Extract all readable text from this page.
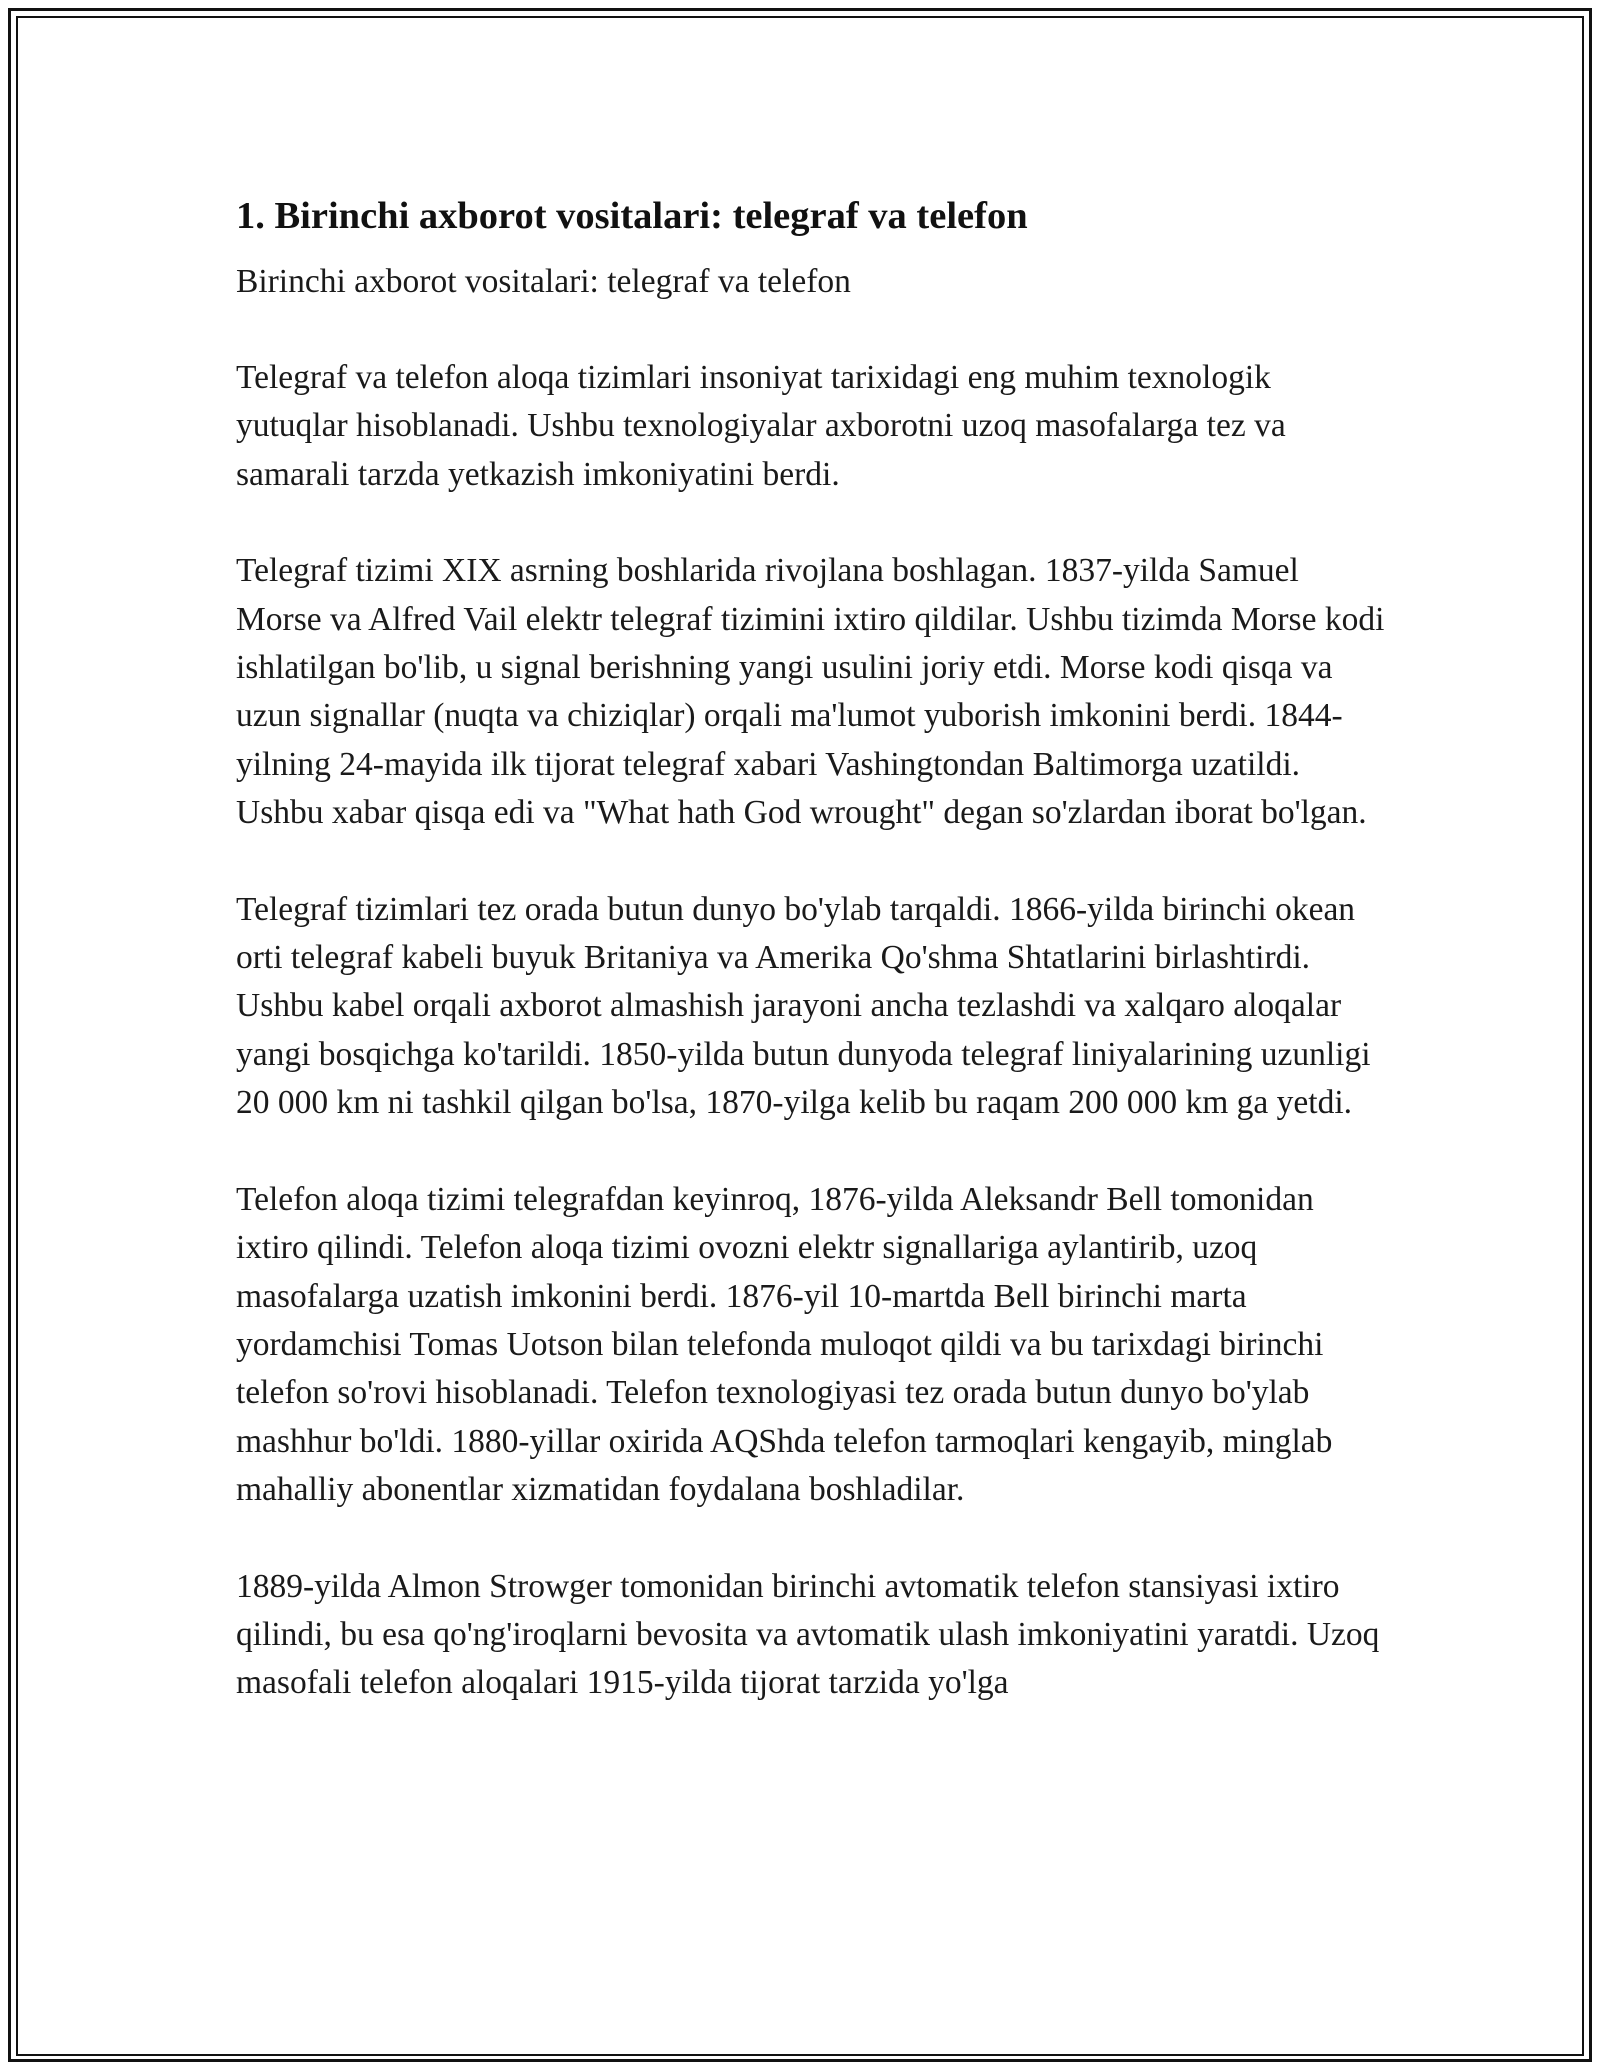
1. Birinchi axborot vositalari: telegraf va telefon

Birinchi axborot vositalari: telegraf va telefon

Telegraf va telefon aloqa tizimlari insoniyat tarixidagi eng muhim texnologik yutuqlar hisoblanadi. Ushbu texnologiyalar axborotni uzoq masofalarga tez va samarali tarzda yetkazish imkoniyatini berdi.

Telegraf tizimi XIX asrning boshlarida rivojlana boshlagan. 1837-yilda Samuel Morse va Alfred Vail elektr telegraf tizimini ixtiro qildilar. Ushbu tizimda Morse kodi ishlatilgan bo'lib, u signal berishning yangi usulini joriy etdi. Morse kodi qisqa va uzun signallar (nuqta va chiziqlar) orqali ma'lumot yuborish imkonini berdi. 1844-yilning 24-mayida ilk tijorat telegraf xabari Vashingtondan Baltimorga uzatildi. Ushbu xabar qisqa edi va "What hath God wrought" degan so'zlardan iborat bo'lgan.

Telegraf tizimlari tez orada butun dunyo bo'ylab tarqaldi. 1866-yilda birinchi okean orti telegraf kabeli buyuk Britaniya va Amerika Qo'shma Shtatlarini birlashtirdi. Ushbu kabel orqali axborot almashish jarayoni ancha tezlashdi va xalqaro aloqalar yangi bosqichga ko'tarildi. 1850-yilda butun dunyoda telegraf liniyalarining uzunligi 20 000 km ni tashkil qilgan bo'lsa, 1870-yilga kelib bu raqam 200 000 km ga yetdi.

Telefon aloqa tizimi telegrafdan keyinroq, 1876-yilda Aleksandr Bell tomonidan ixtiro qilindi. Telefon aloqa tizimi ovozni elektr signallariga aylantirib, uzoq masofalarga uzatish imkonini berdi. 1876-yil 10-martda Bell birinchi marta yordamchisi Tomas Uotson bilan telefonda muloqot qildi va bu tarixdagi birinchi telefon so'rovi hisoblanadi. Telefon texnologiyasi tez orada butun dunyo bo'ylab mashhur bo'ldi. 1880-yillar oxirida AQShda telefon tarmoqlari kengayib, minglab mahalliy abonentlar xizmatidan foydalana boshladilar.

1889-yilda Almon Strowger tomonidan birinchi avtomatik telefon stansiyasi ixtiro qilindi, bu esa qo'ng'iroqlarni bevosita va avtomatik ulash imkoniyatini yaratdi. Uzoq masofali telefon aloqalari 1915-yilda tijorat tarzida yo'lga
